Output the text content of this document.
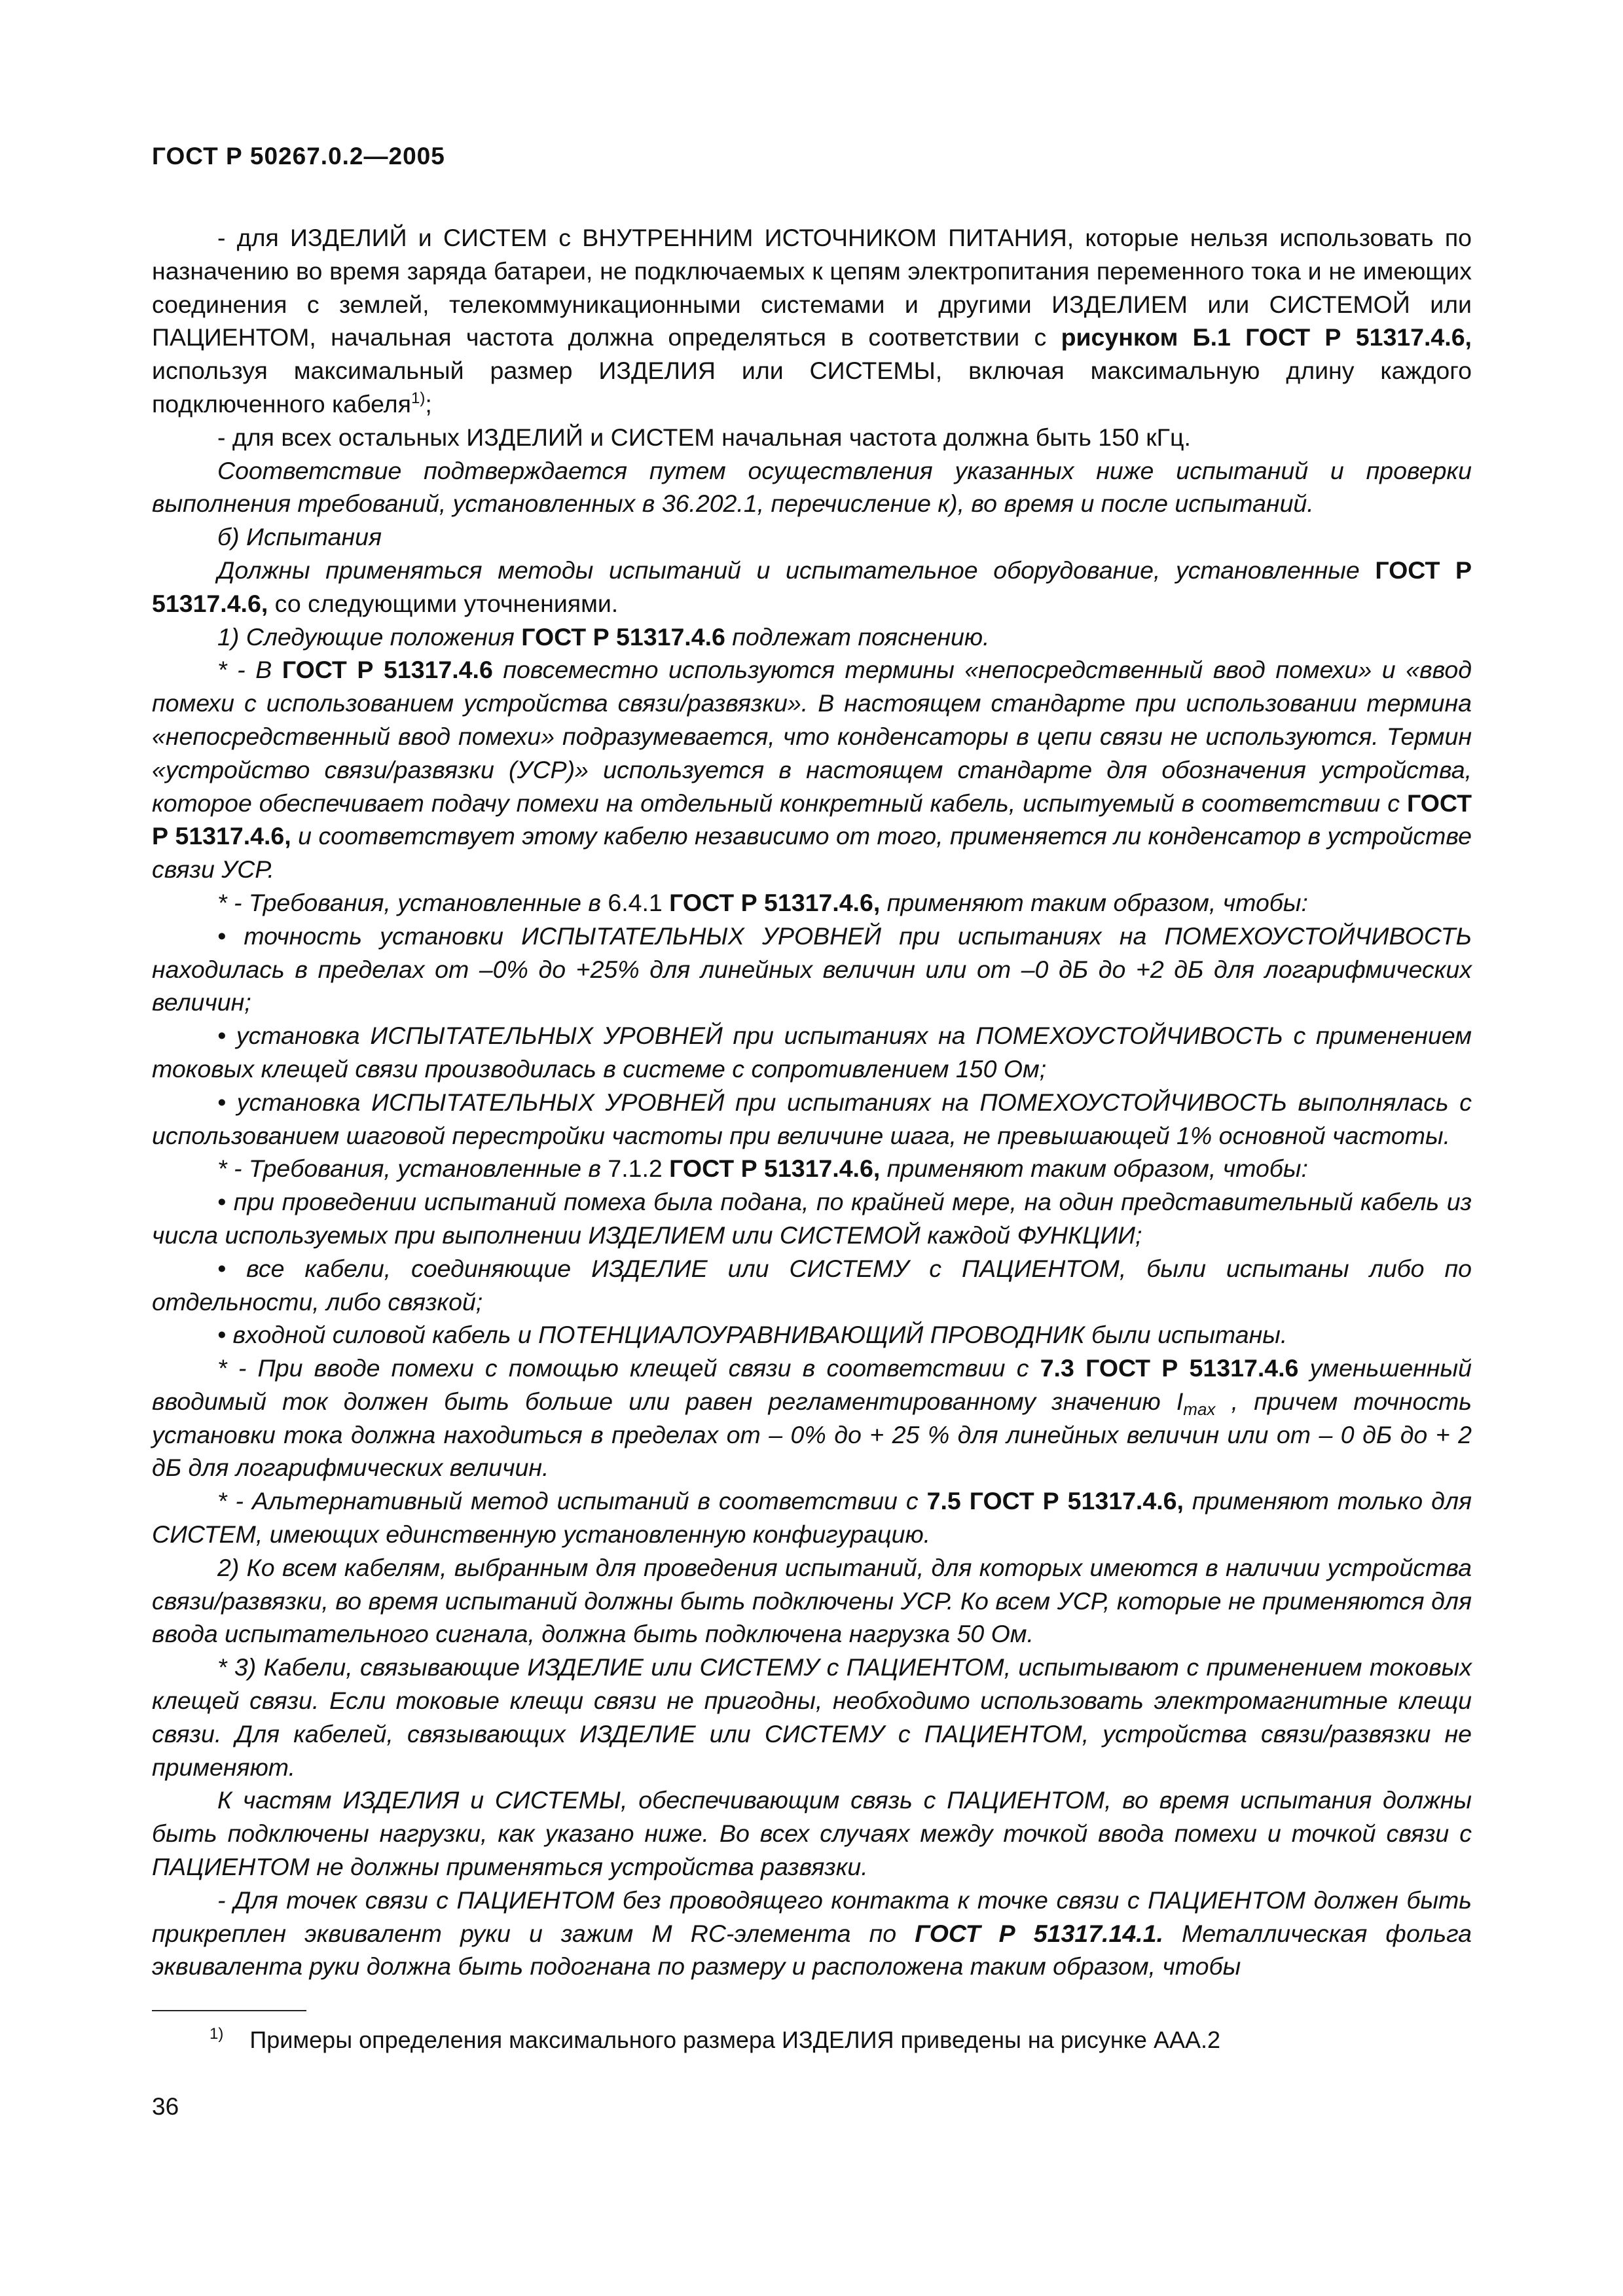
ГОСТ Р 50267.0.2—2005

- для ИЗДЕЛИЙ и СИСТЕМ с ВНУТРЕННИМ ИСТОЧНИКОМ ПИТАНИЯ, которые нельзя использовать по назначению во время заряда батареи, не подключаемых к цепям электропитания переменного тока и не имеющих соединения с землей, телекоммуникационными системами и другими ИЗДЕЛИЕМ или СИСТЕМОЙ или ПАЦИЕНТОМ, начальная частота должна определяться в соответствии с рисунком Б.1 ГОСТ Р 51317.4.6, используя максимальный размер ИЗДЕЛИЯ или СИСТЕМЫ, включая максимальную длину каждого подключенного кабеля$^{1)}$;

- для всех остальных ИЗДЕЛИЙ и СИСТЕМ начальная частота должна быть 150 кГц.

Соответствие подтверждается путем осуществления указанных ниже испытаний и проверки выполнения требований, установленных в 36.202.1, перечисление к), во время и после испытаний.

б) Испытания

Должны применяться методы испытаний и испытательное оборудование, установленные ГОСТ Р 51317.4.6, со следующими уточнениями.

1) Следующие положения ГОСТ Р 51317.4.6 подлежат пояснению.

* - В ГОСТ Р 51317.4.6 повсеместно используются термины «непосредственный ввод помехи» и «ввод помехи с использованием устройства связи/развязки». В настоящем стандарте при использовании термина «непосредственный ввод помехи» подразумевается, что конденсаторы в цепи связи не используются. Термин «устройство связи/развязки (УСР)» используется в настоящем стандарте для обозначения устройства, которое обеспечивает подачу помехи на отдельный конкретный кабель, испытуемый в соответствии с ГОСТ Р 51317.4.6, и соответствует этому кабелю независимо от того, применяется ли конденсатор в устройстве связи УСР.

* - Требования, установленные в 6.4.1 ГОСТ Р 51317.4.6, применяют таким образом, чтобы:

• точность установки ИСПЫТАТЕЛЬНЫХ УРОВНЕЙ при испытаниях на ПОМЕХОУСТОЙЧИВОСТЬ находилась в пределах от –0% до +25% для линейных величин или от –0 дБ до +2 дБ для логарифмических величин;

• установка ИСПЫТАТЕЛЬНЫХ УРОВНЕЙ при испытаниях на ПОМЕХОУСТОЙЧИВОСТЬ с применением токовых клещей связи производилась в системе с сопротивлением 150 Ом;

• установка ИСПЫТАТЕЛЬНЫХ УРОВНЕЙ при испытаниях на ПОМЕХОУСТОЙЧИВОСТЬ выполнялась с использованием шаговой перестройки частоты при величине шага, не превышающей 1% основной частоты.

* - Требования, установленные в 7.1.2 ГОСТ Р 51317.4.6, применяют таким образом, чтобы:

• при проведении испытаний помеха была подана, по крайней мере, на один представительный кабель из числа используемых при выполнении ИЗДЕЛИЕМ или СИСТЕМОЙ каждой ФУНКЦИИ;

• все кабели, соединяющие ИЗДЕЛИЕ или СИСТЕМУ с ПАЦИЕНТОМ, были испытаны либо по отдельности, либо связкой;

• входной силовой кабель и ПОТЕНЦИАЛОУРАВНИВАЮЩИЙ ПРОВОДНИК были испытаны.

* - При вводе помехи с помощью клещей связи в соответствии с 7.3 ГОСТ Р 51317.4.6 уменьшенный вводимый ток должен быть больше или равен регламентированному значению $I_{max}$ , причем точность установки тока должна находиться в пределах от – 0% до + 25 % для линейных величин или от – 0 дБ до + 2 дБ для логарифмических величин.

* - Альтернативный метод испытаний в соответствии с 7.5 ГОСТ Р 51317.4.6, применяют только для СИСТЕМ, имеющих единственную установленную конфигурацию.

2) Ко всем кабелям, выбранным для проведения испытаний, для которых имеются в наличии устройства связи/развязки, во время испытаний должны быть подключены УСР. Ко всем УСР, которые не применяются для ввода испытательного сигнала, должна быть подключена нагрузка 50 Ом.

* 3) Кабели, связывающие ИЗДЕЛИЕ или СИСТЕМУ с ПАЦИЕНТОМ, испытывают с применением токовых клещей связи. Если токовые клещи связи не пригодны, необходимо использовать электромагнитные клещи связи. Для кабелей, связывающих ИЗДЕЛИЕ или СИСТЕМУ с ПАЦИЕНТОМ, устройства связи/развязки не применяют.

К частям ИЗДЕЛИЯ и СИСТЕМЫ, обеспечивающим связь с ПАЦИЕНТОМ, во время испытания должны быть подключены нагрузки, как указано ниже. Во всех случаях между точкой ввода помехи и точкой связи с ПАЦИЕНТОМ не должны применяться устройства развязки.

- Для точек связи с ПАЦИЕНТОМ без проводящего контакта к точке связи с ПАЦИЕНТОМ должен быть прикреплен эквивалент руки и зажим М RC-элемента по ГОСТ Р 51317.14.1. Металлическая фольга эквивалента руки должна быть подогнана по размеру и расположена таким образом, чтобы

$^{1)}$ Примеры определения максимального размера ИЗДЕЛИЯ приведены на рисунке ААА.2
36
